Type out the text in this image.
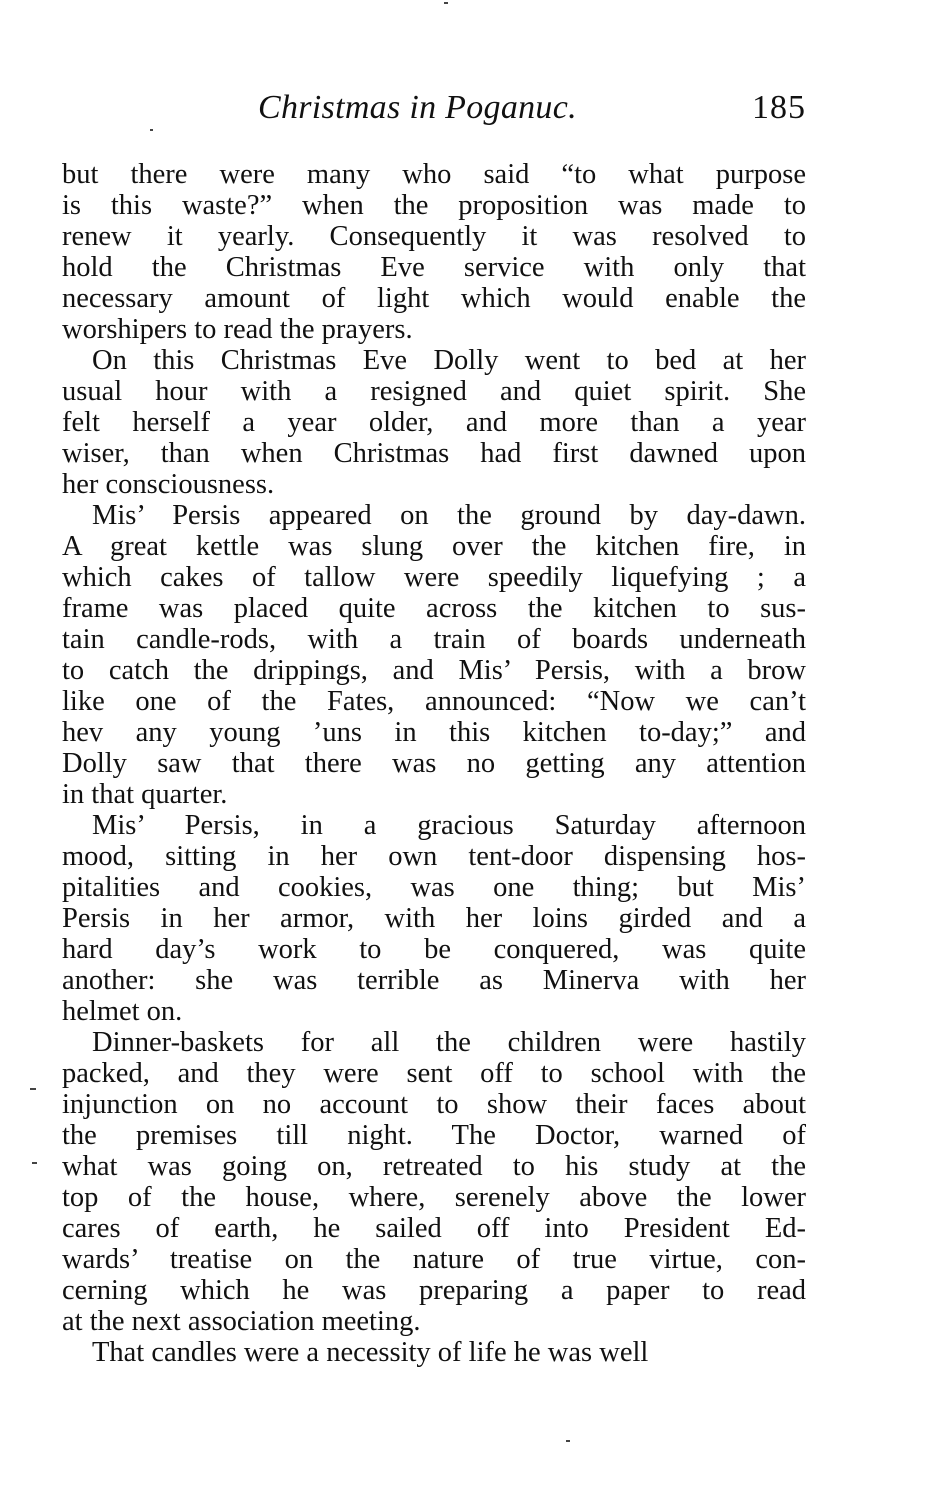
Christmas in Poganuc.	185
but there were many who said “to what purpose
is this waste?” when the proposition was made to
renew it yearly. Consequently it was resolved to
hold the Christmas Eve service with only that
necessary amount of light which would enable the
worshipers to read the prayers.
On this Christmas Eve Dolly went to bed at her
usual hour with a resigned and quiet spirit. She
felt herself a year older, and more than a year
wiser, than when Christmas had first dawned upon
her consciousness.
Mis’ Persis appeared on the ground by day-dawn.
A great kettle was slung over the kitchen fire, in
which cakes of tallow were speedily liquefying ; a
frame was placed quite across the kitchen to sus-
tain candle-rods, with a train of boards underneath
to catch the drippings, and Mis’ Persis, with a brow
like one of the Fates, announced: “Now we can’t
hev any young ’uns in this kitchen to-day;” and
Dolly saw that there was no getting any attention
in that quarter.
Mis’ Persis, in a gracious Saturday afternoon
mood, sitting in her own tent-door dispensing hos-
pitalities and cookies, was one thing; but Mis’
Persis in her armor, with her loins girded and a
hard day’s work to be conquered, was quite
another: she was terrible as Minerva with her
helmet on.
Dinner-baskets for all the children were hastily
packed, and they were sent off to school with the
injunction on no account to show their faces about
the premises till night. The Doctor, warned of
what was going on, retreated to his study at the
top of the house, where, serenely above the lower
cares of earth, he sailed off into President Ed-
wards’ treatise on the nature of true virtue, con-
cerning which he was preparing a paper to read
at the next association meeting.
That candles were a necessity of life he was well
